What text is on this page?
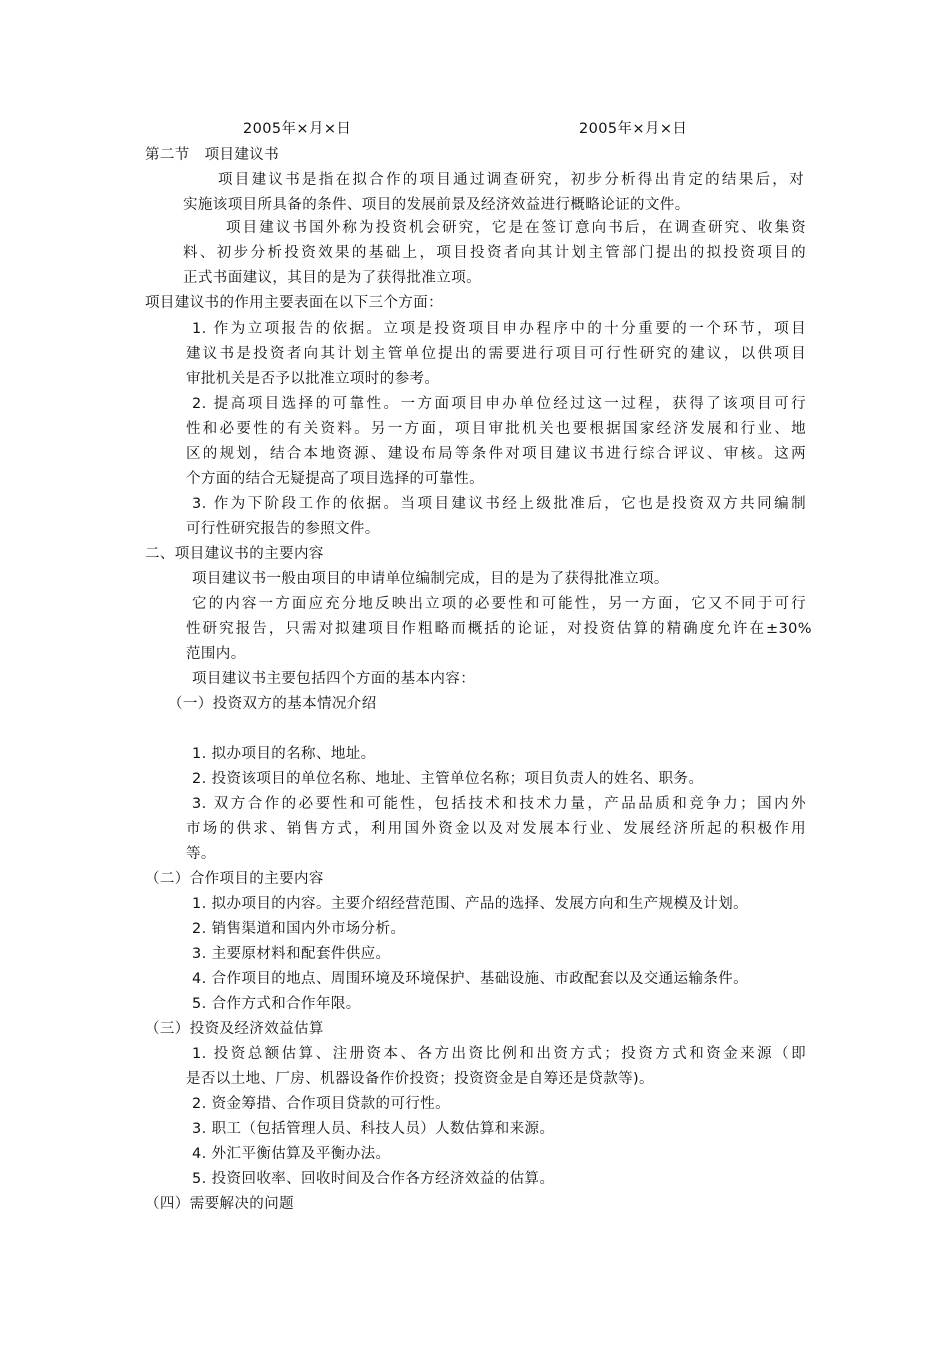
2005年×月×日	2005年×月×日
第二节　项目建议书
项目建议书是指在拟合作的项目通过调查研究，初步分析得出肯定的结果后，对
实施该项目所具备的条件、项目的发展前景及经济效益进行概略论证的文件。
项目建议书国外称为投资机会研究，它是在签订意向书后，在调查研究、收集资
料、初步分析投资效果的基础上，项目投资者向其计划主管部门提出的拟投资项目的
正式书面建议，其目的是为了获得批准立项。
项目建议书的作用主要表面在以下三个方面：
1. 作为立项报告的依据。立项是投资项目申办程序中的十分重要的一个环节，项目
建议书是投资者向其计划主管单位提出的需要进行项目可行性研究的建议，以供项目
审批机关是否予以批准立项时的参考。
2. 提高项目选择的可靠性。一方面项目申办单位经过这一过程，获得了该项目可行
性和必要性的有关资料。另一方面，项目审批机关也要根据国家经济发展和行业、地
区的规划，结合本地资源、建设布局等条件对项目建议书进行综合评议、审核。这两
个方面的结合无疑提高了项目选择的可靠性。
3. 作为下阶段工作的依据。当项目建议书经上级批准后，它也是投资双方共同编制
可行性研究报告的参照文件。
二、项目建议书的主要内容
项目建议书一般由项目的申请单位编制完成，目的是为了获得批准立项。
它的内容一方面应充分地反映出立项的必要性和可能性，另一方面，它又不同于可行
性研究报告，只需对拟建项目作粗略而概括的论证，对投资估算的精确度允许在±30%
范围内。
项目建议书主要包括四个方面的基本内容：
（一）投资双方的基本情况介绍
1. 拟办项目的名称、地址。
2. 投资该项目的单位名称、地址、主管单位名称；项目负责人的姓名、职务。
3. 双方合作的必要性和可能性，包括技术和技术力量，产品品质和竞争力；国内外
市场的供求、销售方式，利用国外资金以及对发展本行业、发展经济所起的积极作用
等。
（二）合作项目的主要内容
1. 拟办项目的内容。主要介绍经营范围、产品的选择、发展方向和生产规模及计划。
2. 销售渠道和国内外市场分析。
3. 主要原材料和配套件供应。
4. 合作项目的地点、周围环境及环境保护、基础设施、市政配套以及交通运输条件。
5. 合作方式和合作年限。
（三）投资及经济效益估算
1. 投资总额估算、注册资本、各方出资比例和出资方式；投资方式和资金来源（即
是否以土地、厂房、机器设备作价投资；投资资金是自筹还是贷款等)。
2. 资金筹措、合作项目贷款的可行性。
3. 职工（包括管理人员、科技人员）人数估算和来源。
4. 外汇平衡估算及平衡办法。
5. 投资回收率、回收时间及合作各方经济效益的估算。
（四）需要解决的问题
